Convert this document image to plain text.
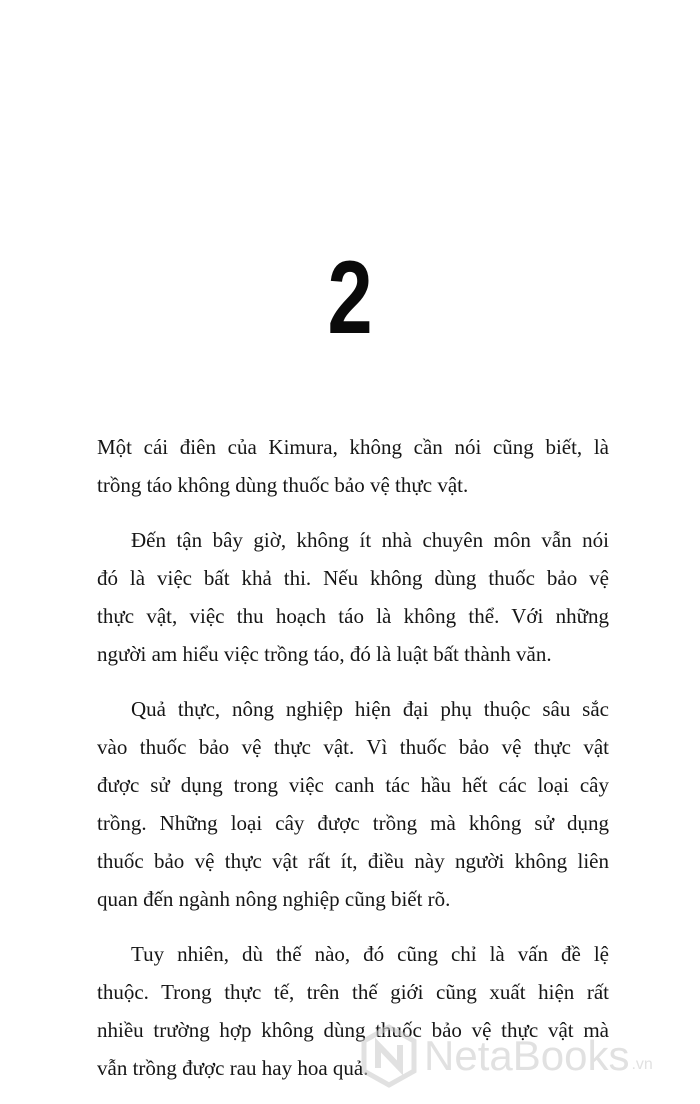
2

Một cái điên của Kimura, không cần nói cũng biết, là
trồng táo không dùng thuốc bảo vệ thực vật.

Đến tận bây giờ, không ít nhà chuyên môn vẫn nói
đó là việc bất khả thi. Nếu không dùng thuốc bảo vệ
thực vật, việc thu hoạch táo là không thể. Với những
người am hiểu việc trồng táo, đó là luật bất thành văn.

Quả thực, nông nghiệp hiện đại phụ thuộc sâu sắc
vào thuốc bảo vệ thực vật. Vì thuốc bảo vệ thực vật
được sử dụng trong việc canh tác hầu hết các loại cây
trồng. Những loại cây được trồng mà không sử dụng
thuốc bảo vệ thực vật rất ít, điều này người không liên
quan đến ngành nông nghiệp cũng biết rõ.

Tuy nhiên, dù thế nào, đó cũng chỉ là vấn đề lệ
thuộc. Trong thực tế, trên thế giới cũng xuất hiện rất
nhiều trường hợp không dùng thuốc bảo vệ thực vật mà
vẫn trồng được rau hay hoa quả.	NetaBooks .vn
